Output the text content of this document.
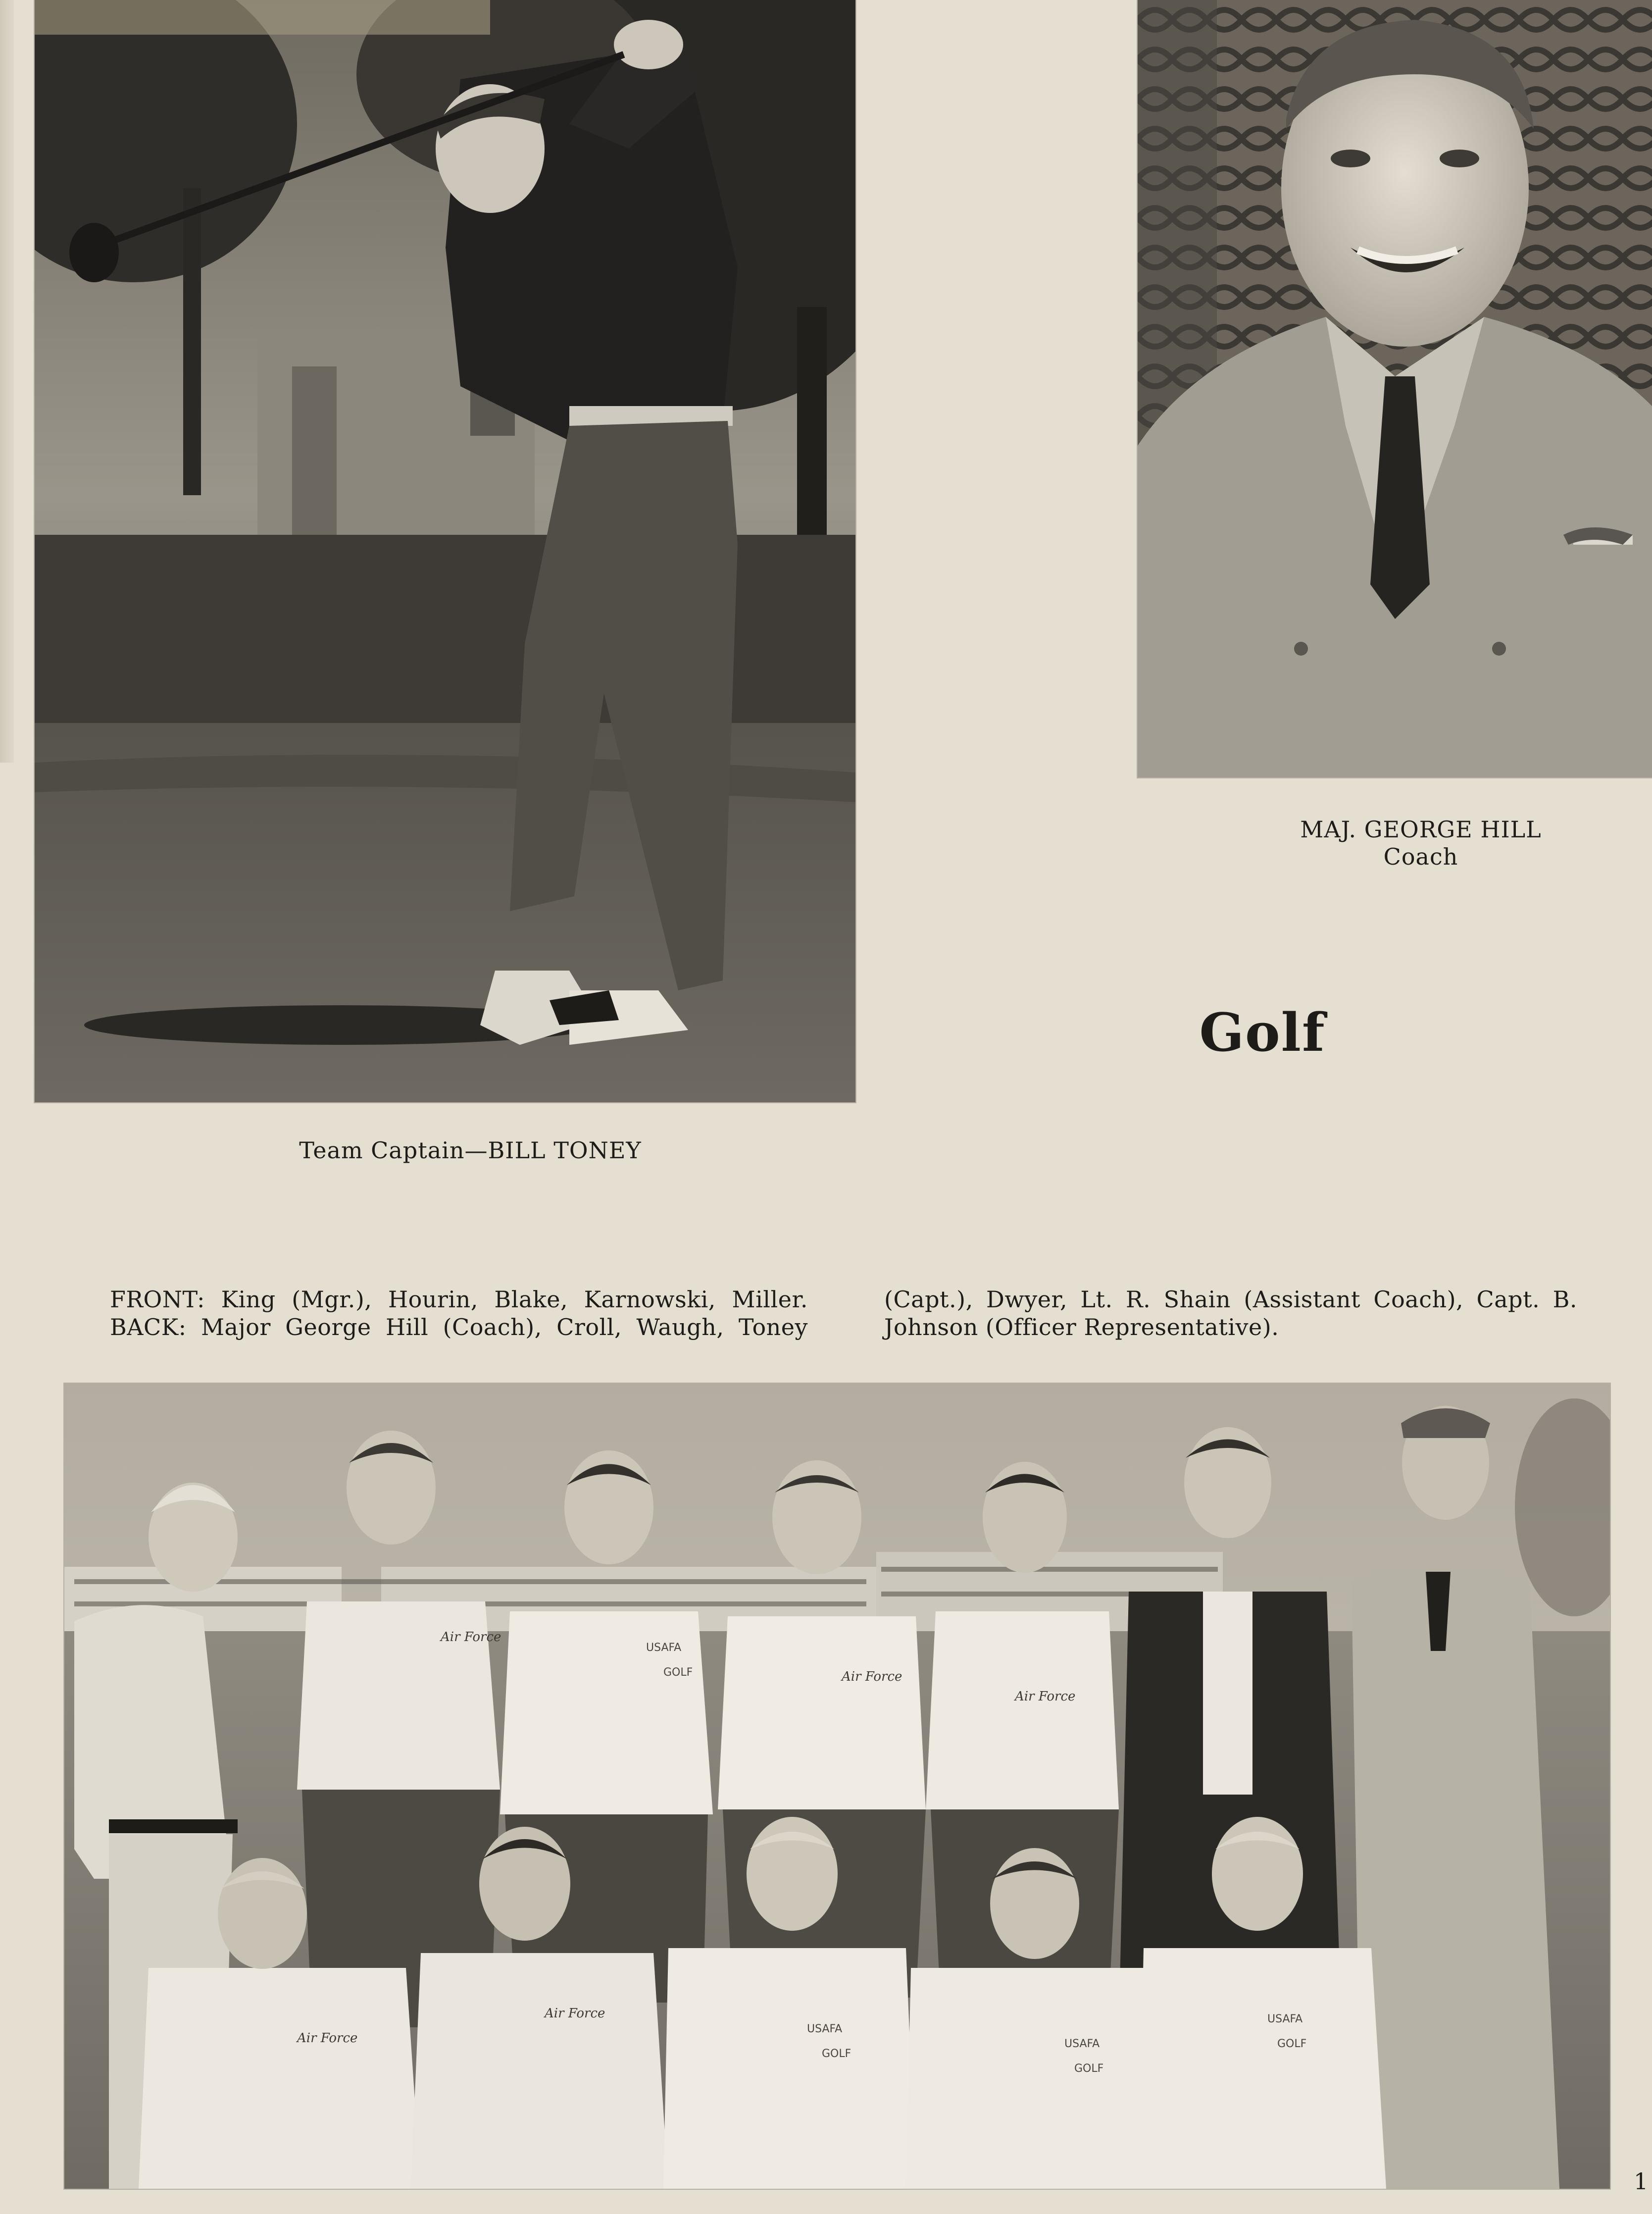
MAJ. GEORGE HILL
Coach
Golf
Team Captain—BILL TONEY
FRONT: King (Mgr.), Hourin, Blake, Karnowski, Miller.
BACK: Major George Hill (Coach), Croll, Waugh, Toney
(Capt.), Dwyer, Lt. R. Shain (Assistant Coach), Capt. B.
Johnson (Officer Representative).
Air Force
Air Force
Air Force
Air Force
Air Force
USAFA
GOLF
USAFA
GOLF
USAFA
GOLF
USAFA
GOLF
1
